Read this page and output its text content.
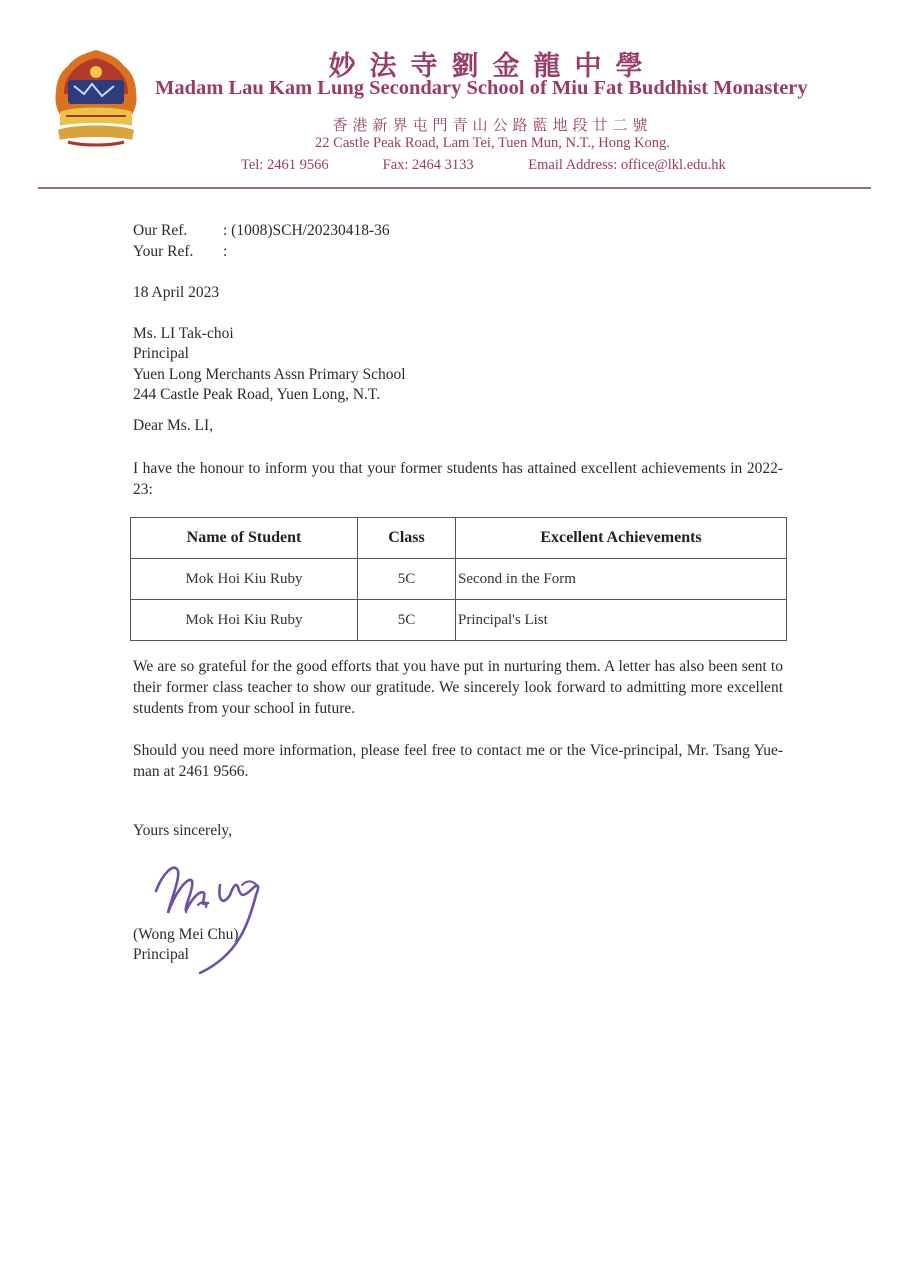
妙法寺劉金龍中學
Madam Lau Kam Lung Secondary School of Miu Fat Buddhist Monastery
香港新界屯門青山公路藍地段廿二號
22 Castle Peak Road, Lam Tei, Tuen Mun, N.T., Hong Kong.
Tel: 2461 9566	Fax: 2464 3133	Email Address: office@lkl.edu.hk
Our Ref.	: (1008)SCH/20230418-36
Your Ref.	:
18 April 2023
Ms. LI Tak-choi
Principal
Yuen Long Merchants Assn Primary School
244 Castle Peak Road, Yuen Long, N.T.
Dear Ms. LI,
I have the honour to inform you that your former students has attained excellent achievements in 2022-23:
Name of Student	Class	Excellent Achievements
Mok Hoi Kiu Ruby	5C	Second in the Form
Mok Hoi Kiu Ruby	5C	Principal's List
We are so grateful for the good efforts that you have put in nurturing them. A letter has also been sent to their former class teacher to show our gratitude. We sincerely look forward to admitting more excellent students from your school in future.
Should you need more information, please feel free to contact me or the Vice-principal, Mr. Tsang Yue-man at 2461 9566.
Yours sincerely,
(Wong Mei Chu)
Principal
